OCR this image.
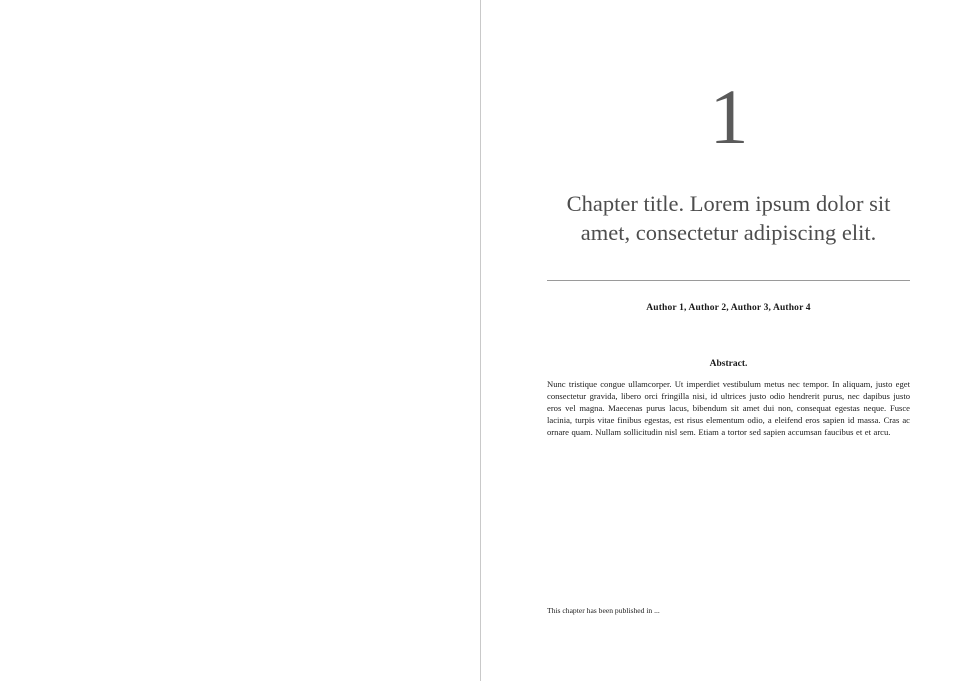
1
Chapter title. Lorem ipsum dolor sit amet, consectetur adipiscing elit.
Author 1, Author 2, Author 3, Author 4
Abstract.
Nunc tristique congue ullamcorper. Ut imperdiet vestibulum metus nec tempor. In aliquam, justo eget consectetur gravida, libero orci fringilla nisi, id ultrices justo odio hendrerit purus, nec dapibus justo eros vel magna. Maecenas purus lacus, bibendum sit amet dui non, consequat egestas neque. Fusce lacinia, turpis vitae finibus egestas, est risus elementum odio, a eleifend eros sapien id massa. Cras ac ornare quam. Nullam sollicitudin nisl sem. Etiam a tortor sed sapien accumsan faucibus et et arcu.
This chapter has been published in ...
